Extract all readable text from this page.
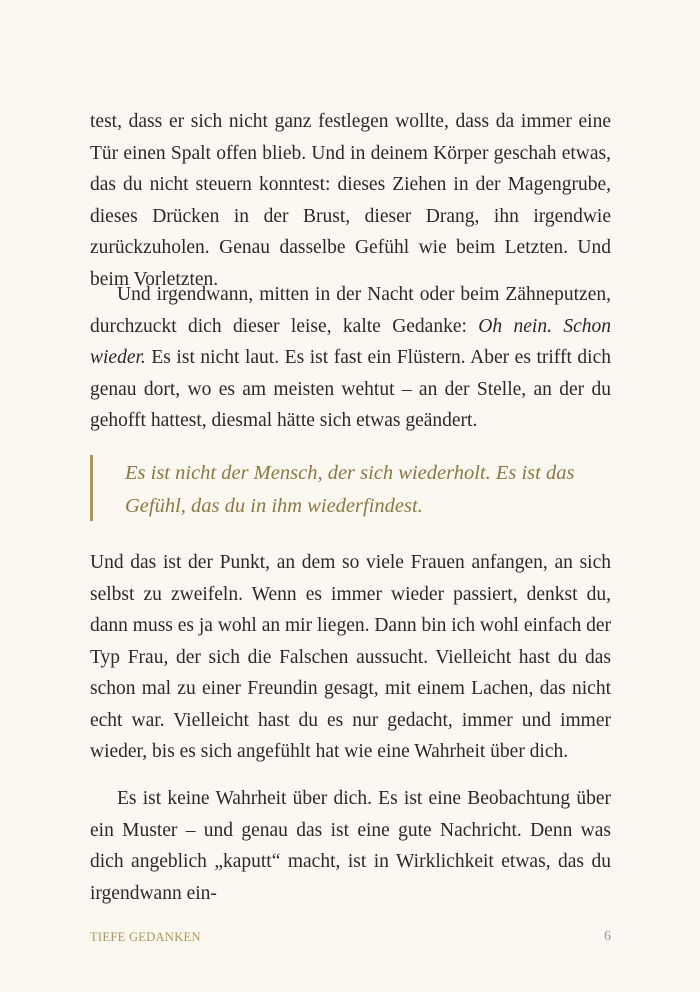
test, dass er sich nicht ganz festlegen wollte, dass da immer eine Tür einen Spalt offen blieb. Und in deinem Körper geschah etwas, das du nicht steuern konntest: dieses Ziehen in der Magengrube, dieses Drücken in der Brust, dieser Drang, ihn irgendwie zurückzuholen. Genau dasselbe Gefühl wie beim Letzten. Und beim Vorletzten.

Und irgendwann, mitten in der Nacht oder beim Zähneputzen, durchzuckt dich dieser leise, kalte Gedanke: Oh nein. Schon wieder. Es ist nicht laut. Es ist fast ein Flüstern. Aber es trifft dich genau dort, wo es am meisten wehtut – an der Stelle, an der du gehofft hattest, diesmal hätte sich etwas geändert.

Es ist nicht der Mensch, der sich wiederholt. Es ist das Gefühl, das du in ihm wiederfindest.

Und das ist der Punkt, an dem so viele Frauen anfangen, an sich selbst zu zweifeln. Wenn es immer wieder passiert, denkst du, dann muss es ja wohl an mir liegen. Dann bin ich wohl einfach der Typ Frau, der sich die Falschen aussucht. Vielleicht hast du das schon mal zu einer Freundin gesagt, mit einem Lachen, das nicht echt war. Vielleicht hast du es nur gedacht, immer und immer wieder, bis es sich angefühlt hat wie eine Wahrheit über dich.

Es ist keine Wahrheit über dich. Es ist eine Beobachtung über ein Muster – und genau das ist eine gute Nachricht. Denn was dich angeblich „kaputt“ macht, ist in Wirklichkeit etwas, das du irgendwann ein-

TIEFE GEDANKEN	6
